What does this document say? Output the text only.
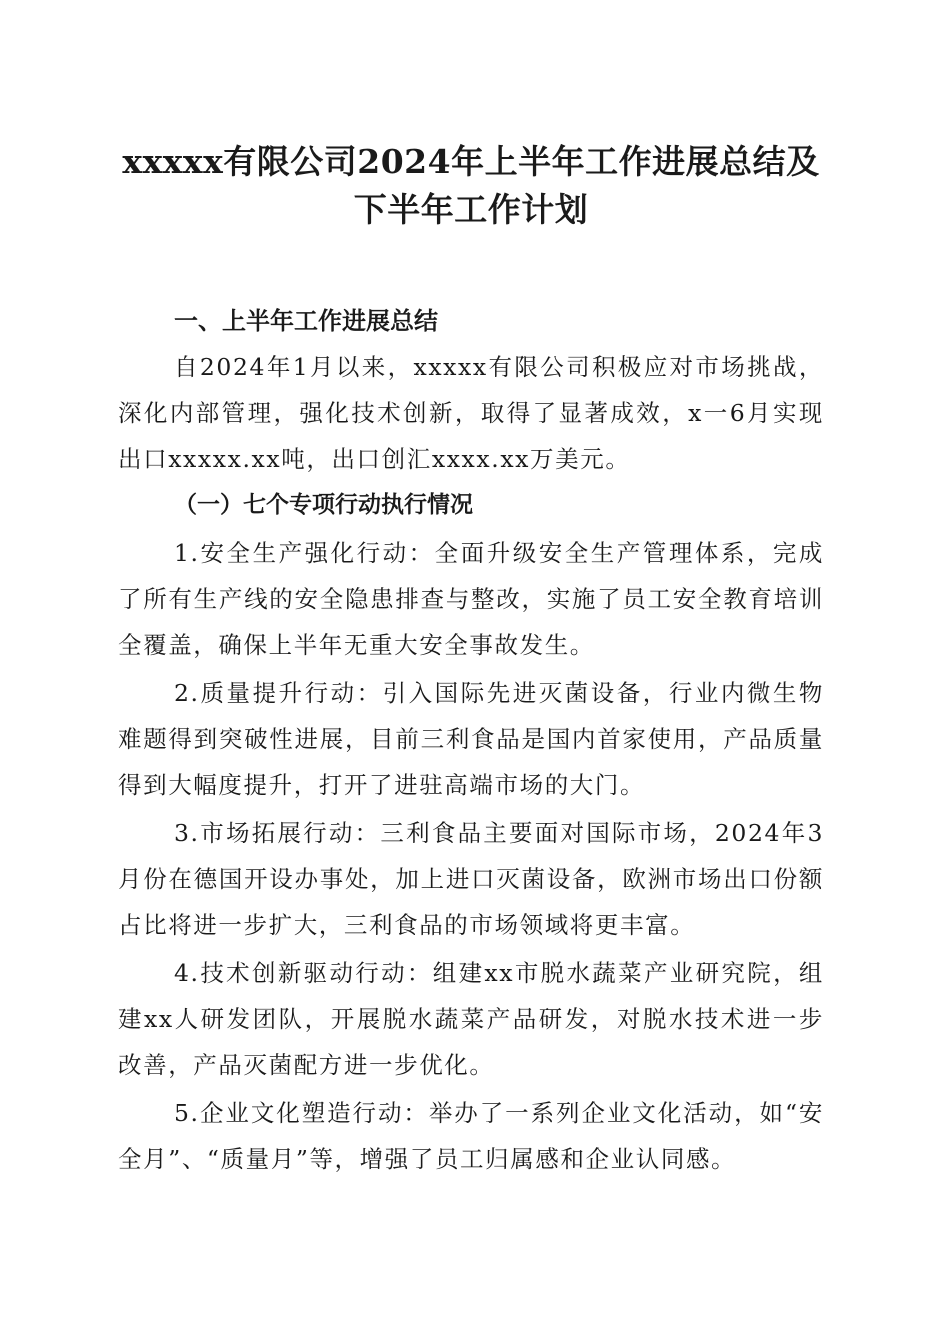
xxxxx有限公司2024年上半年工作进展总结及
下半年工作计划
一、上半年工作进展总结

自2024年1月以来，xxxxx有限公司积极应对市场挑战，深化内部管理，强化技术创新，取得了显著成效，x一6月实现出口xxxxx.xx吨，出口创汇xxxx.xx万美元。

（一）七个专项行动执行情况

1.安全生产强化行动：全面升级安全生产管理体系，完成了所有生产线的安全隐患排查与整改，实施了员工安全教育培训全覆盖，确保上半年无重大安全事故发生。

2.质量提升行动：引入国际先进灭菌设备，行业内微生物难题得到突破性进展，目前三利食品是国内首家使用，产品质量得到大幅度提升，打开了进驻高端市场的大门。

3.市场拓展行动：三利食品主要面对国际市场，2024年3月份在德国开设办事处，加上进口灭菌设备，欧洲市场出口份额占比将进一步扩大，三利食品的市场领域将更丰富。

4.技术创新驱动行动：组建xx市脱水蔬菜产业研究院，组建xx人研发团队，开展脱水蔬菜产品研发，对脱水技术进一步改善，产品灭菌配方进一步优化。

5.企业文化塑造行动：举办了一系列企业文化活动，如“安全月”、“质量月”等，增强了员工归属感和企业认同感。
